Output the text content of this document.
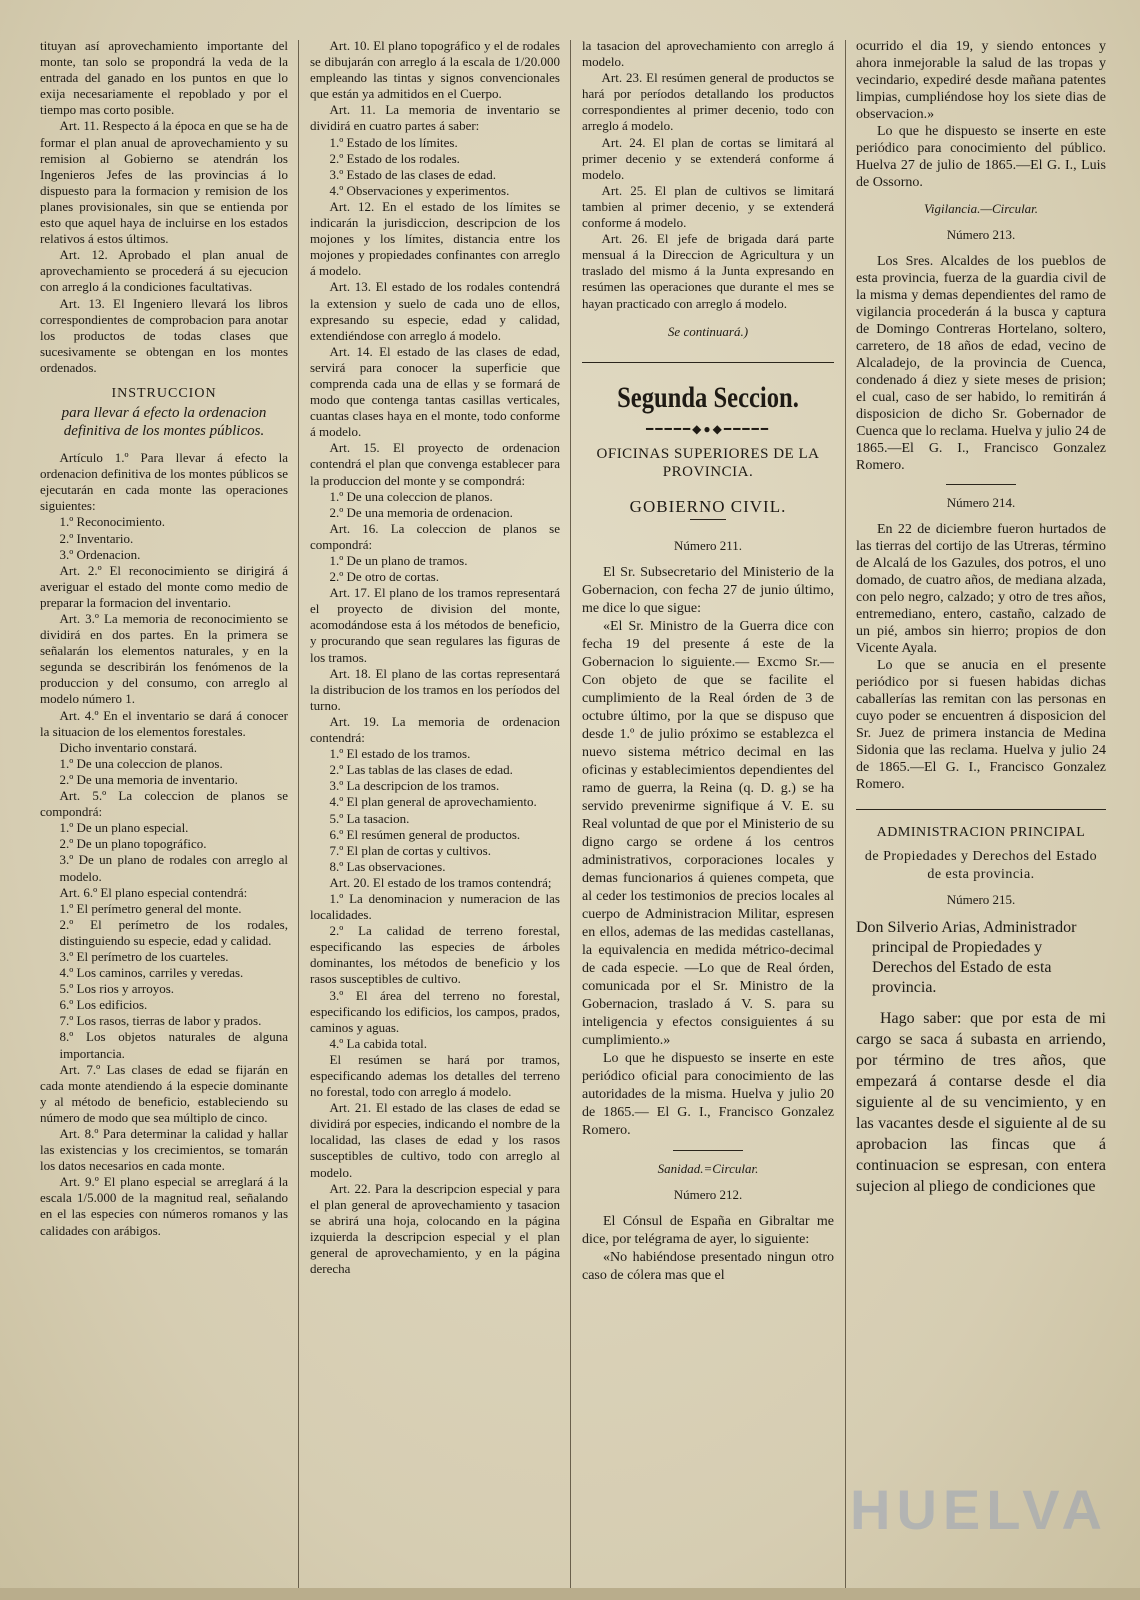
tituyan así aprovechamiento importante del monte, tan solo se propondrá la veda de la entrada del ganado en los puntos en que lo exija necesariamente el repoblado y por el tiempo mas corto posible.

Art. 11. Respecto á la época en que se ha de formar el plan anual de aprovechamiento y su remision al Gobierno se atendrán los Ingenieros Jefes de las provincias á lo dispuesto para la formacion y remision de los planes provisionales, sin que se entienda por esto que aquel haya de incluirse en los estados relativos á estos últimos.

Art. 12. Aprobado el plan anual de aprovechamiento se procederá á su ejecucion con arreglo á la condiciones facultativas.

Art. 13. El Ingeniero llevará los libros correspondientes de comprobacion para anotar los productos de todas clases que sucesivamente se obtengan en los montes ordenados.

INSTRUCCION
para llevar á efecto la ordenacion definitiva de los montes públicos.

Artículo 1.º Para llevar á efecto la ordenacion definitiva de los montes públicos se ejecutarán en cada monte las operaciones siguientes:

1.º Reconocimiento.

2.º Inventario.

3.º Ordenacion.

Art. 2.º El reconocimiento se dirigirá á averiguar el estado del monte como medio de preparar la formacion del inventario.

Art. 3.º La memoria de reconocimiento se dividirá en dos partes. En la primera se señalarán los elementos naturales, y en la segunda se describirán los fenómenos de la produccion y del consumo, con arreglo al modelo número 1.

Art. 4.º En el inventario se dará á conocer la situacion de los elementos forestales.

Dicho inventario constará.

1.º De una coleccion de planos.

2.º De una memoria de inventario.

Art. 5.º La coleccion de planos se compondrá:

1.º De un plano especial.

2.º De un plano topográfico.

3.º De un plano de rodales con arreglo al modelo.

Art. 6.º El plano especial contendrá:

1.º El perímetro general del monte.

2.º El perímetro de los rodales, distinguiendo su especie, edad y calidad.

3.º El perímetro de los cuarteles.

4.º Los caminos, carriles y veredas.

5.º Los rios y arroyos.

6.º Los edificios.

7.º Los rasos, tierras de labor y prados.

8.º Los objetos naturales de alguna importancia.

Art. 7.º Las clases de edad se fijarán en cada monte atendiendo á la especie dominante y al método de beneficio, estableciendo su número de modo que sea múltiplo de cinco.

Art. 8.º Para determinar la calidad y hallar las existencias y los crecimientos, se tomarán los datos necesarios en cada monte.

Art. 9.º El plano especial se arreglará á la escala 1/5.000 de la magnitud real, señalando en el las especies con números romanos y las calidades con arábigos.

Art. 10. El plano topográfico y el de rodales se dibujarán con arreglo á la escala de 1/20.000 empleando las tintas y signos convencionales que están ya admitidos en el Cuerpo.

Art. 11. La memoria de inventario se dividirá en cuatro partes á saber:

1.º Estado de los límites.

2.º Estado de los rodales.

3.º Estado de las clases de edad.

4.º Observaciones y experimentos.

Art. 12. En el estado de los límites se indicarán la jurisdiccion, descripcion de los mojones y los límites, distancia entre los mojones y propiedades confinantes con arreglo á modelo.

Art. 13. El estado de los rodales contendrá la extension y suelo de cada uno de ellos, expresando su especie, edad y calidad, extendiéndose con arreglo á modelo.

Art. 14. El estado de las clases de edad, servirá para conocer la superficie que comprenda cada una de ellas y se formará de modo que contenga tantas casillas verticales, cuantas clases haya en el monte, todo conforme á modelo.

Art. 15. El proyecto de ordenacion contendrá el plan que convenga establecer para la produccion del monte y se compondrá:

1.º De una coleccion de planos.

2.º De una memoria de ordenacion.

Art. 16. La coleccion de planos se compondrá:

1.º De un plano de tramos.

2.º De otro de cortas.

Art. 17. El plano de los tramos representará el proyecto de division del monte, acomodándose esta á los métodos de beneficio, y procurando que sean regulares las figuras de los tramos.

Art. 18. El plano de las cortas representará la distribucion de los tramos en los períodos del turno.

Art. 19. La memoria de ordenacion contendrá:

1.º El estado de los tramos.

2.º Las tablas de las clases de edad.

3.º La descripcion de los tramos.

4.º El plan general de aprovechamiento.

5.º La tasacion.

6.º El resúmen general de productos.

7.º El plan de cortas y cultivos.

8.º Las observaciones.

Art. 20. El estado de los tramos contendrá;

1.º La denominacion y numeracion de las localidades.

2.º La calidad de terreno forestal, especificando las especies de árboles dominantes, los métodos de beneficio y los rasos susceptibles de cultivo.

3.º El área del terreno no forestal, especificando los edificios, los campos, prados, caminos y aguas.

4.º La cabida total.

El resúmen se hará por tramos, especificando ademas los detalles del terreno no forestal, todo con arreglo á modelo.

Art. 21. El estado de las clases de edad se dividirá por especies, indicando el nombre de la localidad, las clases de edad y los rasos susceptibles de cultivo, todo con arreglo al modelo.

Art. 22. Para la descripcion especial y para el plan general de aprovechamiento y tasacion se abrirá una hoja, colocando en la página izquierda la descripcion especial y el plan general de aprovechamiento, y en la página derecha

la tasacion del aprovechamiento con arreglo á modelo.

Art. 23. El resúmen general de productos se hará por períodos detallando los productos correspondientes al primer decenio, todo con arreglo á modelo.

Art. 24. El plan de cortas se limitará al primer decenio y se extenderá conforme á modelo.

Art. 25. El plan de cultivos se limitará tambien al primer decenio, y se extenderá conforme á modelo.

Art. 26. El jefe de brigada dará parte mensual á la Direccion de Agricultura y un traslado del mismo á la Junta expresando en resúmen las operaciones que durante el mes se hayan practicado con arreglo á modelo.

Se continuará.)
Segunda Seccion.
━━━━━◆●◆━━━━━
OFICINAS SUPERIORES DE LA PROVINCIA.
GOBIERNO CIVIL.
Número 211.

El Sr. Subsecretario del Ministerio de la Gobernacion, con fecha 27 de junio último, me dice lo que sigue:

«El Sr. Ministro de la Guerra dice con fecha 19 del presente á este de la Gobernacion lo siguiente.— Excmo Sr.— Con objeto de que se facilite el cumplimiento de la Real órden de 3 de octubre último, por la que se dispuso que desde 1.º de julio próximo se establezca el nuevo sistema métrico decimal en las oficinas y establecimientos dependientes del ramo de guerra, la Reina (q. D. g.) se ha servido prevenirme signifique á V. E. su Real voluntad de que por el Ministerio de su digno cargo se ordene á los centros administrativos, corporaciones locales y demas funcionarios á quienes competa, que al ceder los testimonios de precios locales al cuerpo de Administracion Militar, espresen en ellos, ademas de las medidas castellanas, la equivalencia en medida métrico-decimal de cada especie. —Lo que de Real órden, comunicada por el Sr. Ministro de la Gobernacion, traslado á V. S. para su inteligencia y efectos consiguientes á su cumplimiento.»

Lo que he dispuesto se inserte en este periódico oficial para conocimiento de las autoridades de la misma. Huelva y julio 20 de 1865.— El G. I., Francisco Gonzalez Romero.

Sanidad.=Circular.
Número 212.

El Cónsul de España en Gibraltar me dice, por telégrama de ayer, lo siguiente:

«No habiéndose presentado ningun otro caso de cólera mas que el

ocurrido el dia 19, y siendo entonces y ahora inmejorable la salud de las tropas y vecindario, expediré desde mañana patentes limpias, cumpliéndose hoy los siete dias de observacion.»

Lo que he dispuesto se inserte en este periódico para conocimiento del público. Huelva 27 de julio de 1865.—El G. I., Luis de Ossorno.

Vigilancia.—Circular.
Número 213.

Los Sres. Alcaldes de los pueblos de esta provincia, fuerza de la guardia civil de la misma y demas dependientes del ramo de vigilancia procederán á la busca y captura de Domingo Contreras Hortelano, soltero, carretero, de 18 años de edad, vecino de Alcaladejo, de la provincia de Cuenca, condenado á diez y siete meses de prision; el cual, caso de ser habido, lo remitirán á disposicion de dicho Sr. Gobernador de Cuenca que lo reclama. Huelva y julio 24 de 1865.—El G. I., Francisco Gonzalez Romero.

Número 214.

En 22 de diciembre fueron hurtados de las tierras del cortijo de las Utreras, término de Alcalá de los Gazules, dos potros, el uno domado, de cuatro años, de mediana alzada, con pelo negro, calzado; y otro de tres años, entremediano, entero, castaño, calzado de un pié, ambos sin hierro; propios de don Vicente Ayala.

Lo que se anucia en el presente periódico por si fuesen habidas dichas caballerías las remitan con las personas en cuyo poder se encuentren á disposicion del Sr. Juez de primera instancia de Medina Sidonia que las reclama. Huelva y julio 24 de 1865.—El G. I., Francisco Gonzalez Romero.

ADMINISTRACION PRINCIPAL
de Propiedades y Derechos del Estado de esta provincia.
Número 215.
Don Silverio Arias, Administrador principal de Propiedades y Derechos del Estado de esta provincia.

Hago saber: que por esta de mi cargo se saca á subasta en arriendo, por término de tres años, que empezará á contarse desde el dia siguiente al de su vencimiento, y en las vacantes desde el siguiente al de su aprobacion las fincas que á continuacion se espresan, con entera sujecion al pliego de condiciones que

HUELVA
